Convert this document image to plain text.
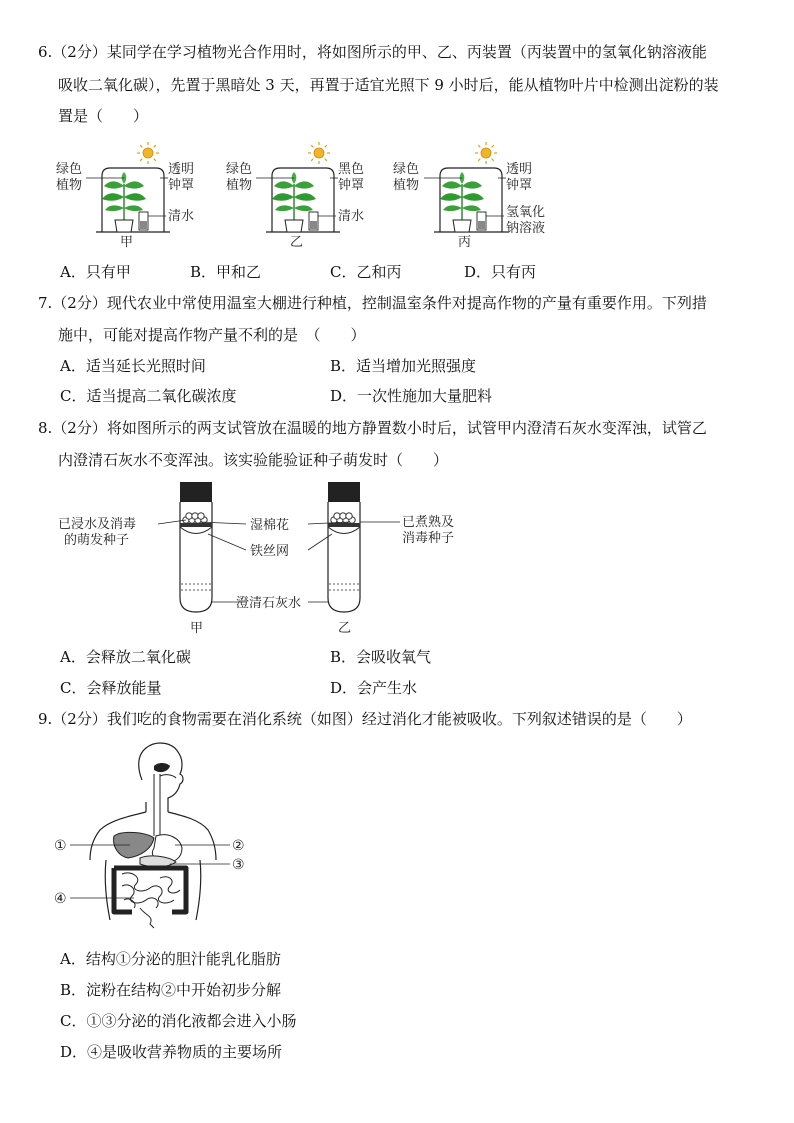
6.（2分）某同学在学习植物光合作用时，将如图所示的甲、乙、丙装置（丙装置中的氢氧化钠溶液能
吸收二氧化碳），先置于黑暗处 3 天，再置于适宜光照下 9 小时后，能从植物叶片中检测出淀粉的装
置是（　　）
绿色
植物
透明
钟罩
清水
甲
绿色
植物
黑色
钟罩
清水
乙
绿色
植物
透明
钟罩
氢氧化
钠溶液
丙
A．只有甲	B．甲和乙	C．乙和丙	D．只有丙
7.（2分）现代农业中常使用温室大棚进行种植，控制温室条件对提高作物的产量有重要作用。下列措
施中，可能对提高作物产量不利的是　（　　）
A．适当延长光照时间	B．适当增加光照强度
C．适当提高二氧化碳浓度	D．一次性施加大量肥料
8.（2分）将如图所示的两支试管放在温暖的地方静置数小时后，试管甲内澄清石灰水变浑浊，试管乙
内澄清石灰水不变浑浊。该实验能验证种子萌发时（　　）
甲	乙
已浸水及消毒
的萌发种子
湿棉花
铁丝网
澄清石灰水
已煮熟及
消毒种子
A．会释放二氧化碳	B．会吸收氧气
C．会释放能量	D．会产生水
9.（2分）我们吃的食物需要在消化系统（如图）经过消化才能被吸收。下列叙述错误的是（　　）
①	②
③
④
A．结构①分泌的胆汁能乳化脂肪
B．淀粉在结构②中开始初步分解
C．①③分泌的消化液都会进入小肠
D．④是吸收营养物质的主要场所
